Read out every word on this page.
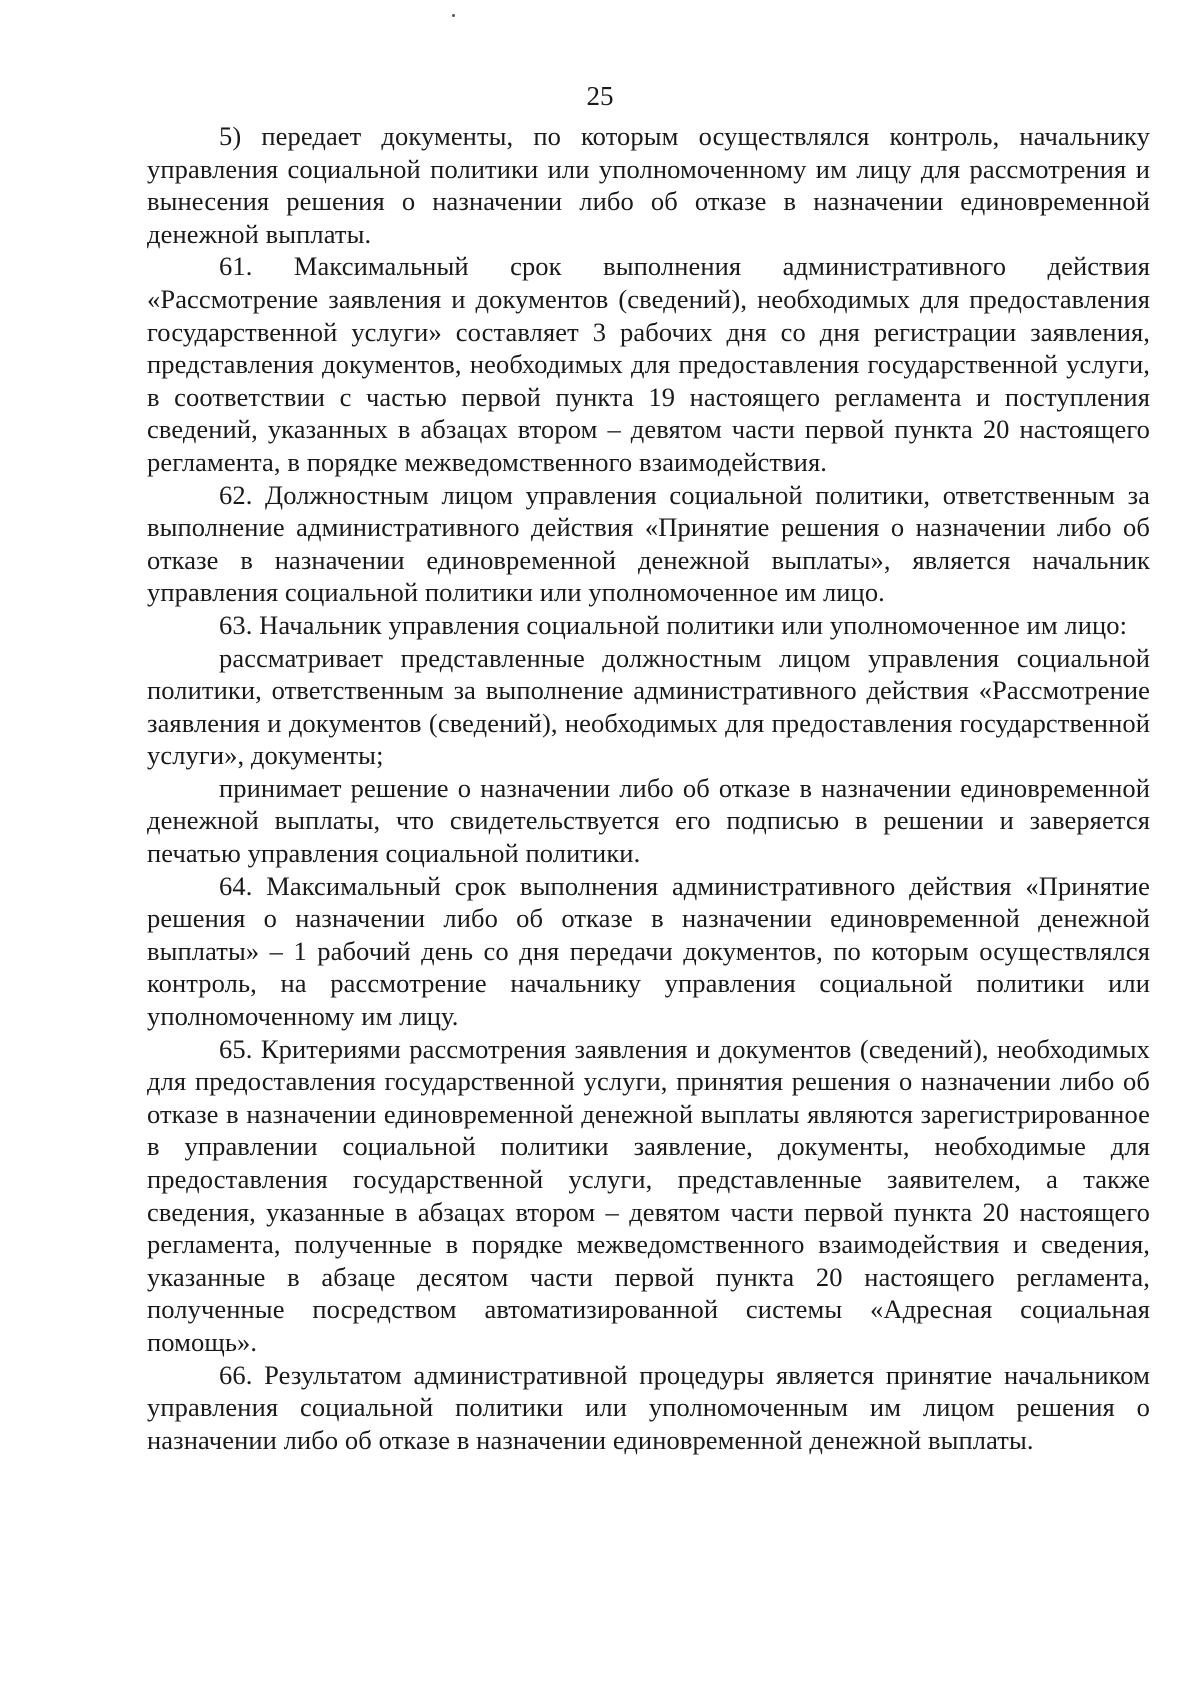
25

5) передает документы, по которым осуществлялся контроль, начальнику управления социальной политики или уполномоченному им лицу для рассмотрения и вынесения решения о назначении либо об отказе в назначении единовременной денежной выплаты.

61. Максимальный срок выполнения административного действия «Рассмотрение заявления и документов (сведений), необходимых для предоставления государственной услуги» составляет 3 рабочих дня со дня регистрации заявления, представления документов, необходимых для предоставления государственной услуги, в соответствии с частью первой пункта 19 настоящего регламента и поступления сведений, указанных в абзацах втором – девятом части первой пункта 20 настоящего регламента, в порядке межведомственного взаимодействия.

62. Должностным лицом управления социальной политики, ответственным за выполнение административного действия «Принятие решения о назначении либо об отказе в назначении единовременной денежной выплаты», является начальник управления социальной политики или уполномоченное им лицо.

63. Начальник управления социальной политики или уполномоченное им лицо:

рассматривает представленные должностным лицом управления социальной политики, ответственным за выполнение административного действия «Рассмотрение заявления и документов (сведений), необходимых для предоставления государственной услуги», документы;

принимает решение о назначении либо об отказе в назначении единовременной денежной выплаты, что свидетельствуется его подписью в решении и заверяется печатью управления социальной политики.

64. Максимальный срок выполнения административного действия «Принятие решения о назначении либо об отказе в назначении единовременной денежной выплаты» – 1 рабочий день со дня передачи документов, по которым осуществлялся контроль, на рассмотрение начальнику управления социальной политики или уполномоченному им лицу.

65. Критериями рассмотрения заявления и документов (сведений), необходимых для предоставления государственной услуги, принятия решения о назначении либо об отказе в назначении единовременной денежной выплаты являются зарегистрированное в управлении социальной политики заявление, документы, необходимые для предоставления государственной услуги, представленные заявителем, а также сведения, указанные в абзацах втором – девятом части первой пункта 20 настоящего регламента, полученные в порядке межведомственного взаимодействия и сведения, указанные в абзаце десятом части первой пункта 20 настоящего регламента, полученные посредством автоматизированной системы «Адресная социальная помощь».

66. Результатом административной процедуры является принятие начальником управления социальной политики или уполномоченным им лицом решения о назначении либо об отказе в назначении единовременной денежной выплаты.
